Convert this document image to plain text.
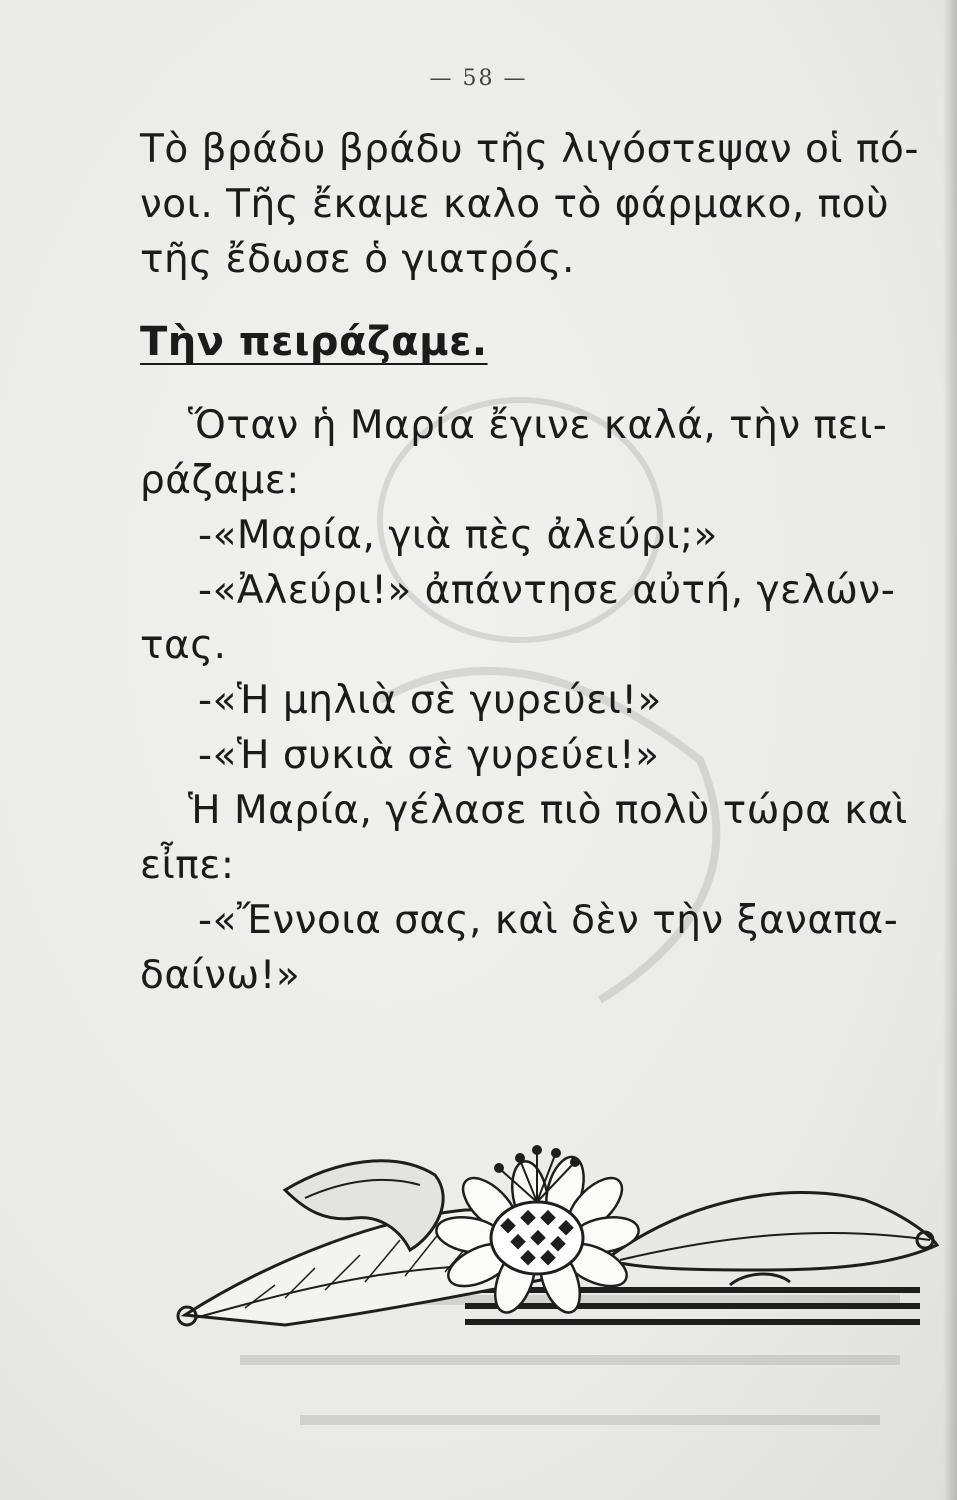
— 58 —
Τὸ βράδυ βράδυ τῆς λιγόστεψαν οἱ πό-
νοι. Τῆς ἔκαμε καλο τὸ φάρμακο, ποὺ
τῆς ἔδωσε ὁ γιατρός.
Τὴν πειράζαμε.
Ὅταν ἡ Μαρία ἔγινε καλά, τὴν πει-
ράζαμε:
-«Μαρία, γιὰ πὲς ἀλεύρι;»
-«Ἀλεύρι!» ἀπάντησε αὐτή, γελών-
τας.
-«Ἡ μηλιὰ σὲ γυρεύει!»
-«Ἡ συκιὰ σὲ γυρεύει!»
Ἡ Μαρία, γέλασε πιὸ πολὺ τώρα καὶ
εἶπε:
-«Ἔννοια σας, καὶ δὲν τὴν ξαναπα-
δαίνω!»
